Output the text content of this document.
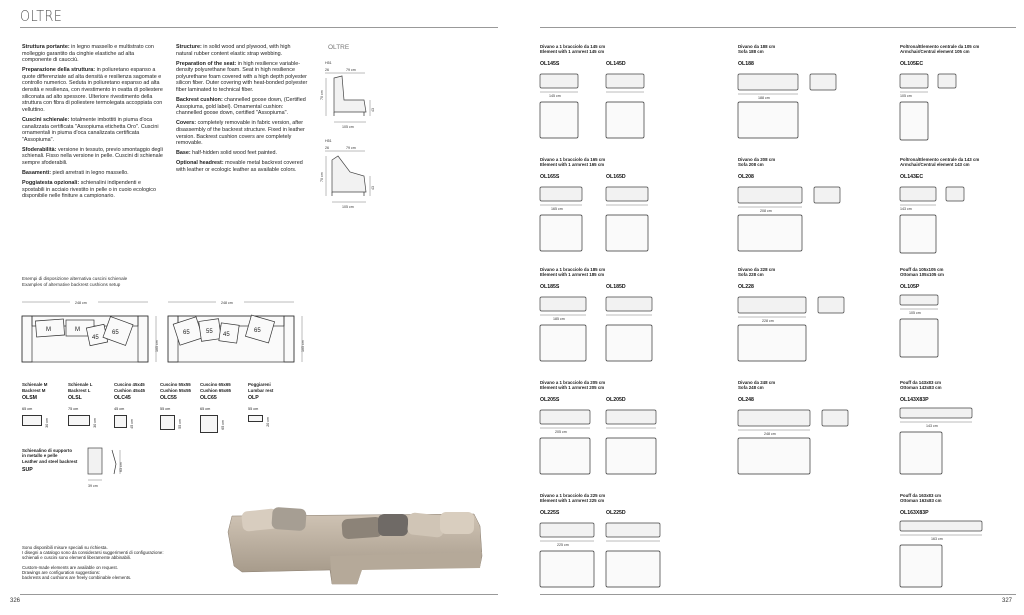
OLTRE

Struttura portante: in legno massello e multistrato con molleggio garantito da cinghie elastiche ad alta componente di caucciù.

Preparazione della struttura: in poliuretano espanso a quote differenziate ad alta densità e resilienza sagomate e controllo numerico. Seduta in poliuretano espanso ad alta densità e resilienza, con rivestimento in ovatta di poliestere siliconata ad alto spessore. Ulteriore rivestimento della struttura con fibra di poliestere termolegata accoppiata con velluttino.

Cuscini schienale: totalmente imbottiti in piuma d'oca canalizzata certificata "Assopiuma etichetta Oro". Cuscini ornamentali in piuma d'oca canalizzata certificata "Assopiuma".

Sfoderabilità: versione in tessuto, previo smontaggio degli schienali. Fisso nella versione in pelle. Cuscini di schienale sempre sfoderabili.

Basamenti: piedi arretrati in legno massello.

Poggiatesta opzionali: schienalini indipendenti e spostabili in acciaio rivestito in pelle o in cuoio ecologico disponibile nelle finiture a campionario.

Structure: in solid wood and plywood, with high natural rubber content elastic strap webbing.

Preparation of the seat: in high resilience variable-density polyurethane foam. Seat in high resilience polyurethane foam covered with a high depth polyester silicon fiber. Outer covering with heat-bonded polyester fiber laminated to technical fiber.

Backrest cushion: channelled goose down, (Certified Assopiuma, gold label). Ornamental cushion: channelled goose down, certified "Assopiuma".

Covers: completely removable in fabric version, after disassembly of the backrest structure. Fixed in leather version. Backrest cushion covers are completely removable.

Base: half-hidden solid wood feet painted.

Optional headrest: movable metal backrest covered with leather or ecologic leather as available colors.

OLTRE
H51
26	79 cm
70 cm
43
105 cm
H51
26	79 cm
70 cm
43
105 cm
Esempi di disposizione alternativa cuscini schienale
Examples of alternative backrest cushions setup
248 cm
M	M
45
65
105 cm
248 cm
65	55 45
65
105 cm
Schienale M
Backrest M
OLSM
65 cm
30 cm
Schienale L
Backrest L
OLSL
75 cm
30 cm
Cuscino 45x45
Cushion 45x45
OLC45
45 cm
45 cm
Cuscino 55x55
Cushion 55x55
OLC55
55 cm
55 cm
Cuscino 65x65
Cushion 65x65
OLC65
65 cm
65 cm
Poggiareni
Lumbar rest
OLP
55 cm
20 cm
Schienalino di supporto
in metallo e pelle
Leather and steel backrest
SUP	63 cm
39 cm
Sono disponibili misure speciali su richiesta.
I disegni a catalogo sono da considerarsi suggerimenti di configurazione:
schienali e cuscini sono elementi liberamente abbinabili.
Custom-made elements are available on request.
Drawings are configuration suggestions:
backrests and cushions are freely combinable elements.
326	327
Divano a 1 bracciolo da 145 cm
Element with 1 armrest 145 cm
OL145S	OL145D
145 cm
Divano da 188 cm
Sofa 188 cm
OL188
188 cm
Poltrona/Elemento centrale da 105 cm
Armchair/Central element 105 cm
OL105EC
105 cm
Divano a 1 bracciolo da 165 cm
Element with 1 armrest 165 cm
OL165S	OL165D
165 cm
Divano da 208 cm
Sofa 208 cm
OL208
208 cm
Poltrona/Elemento centrale da 143 cm
Armchair/Central element 143 cm
OL143EC
143 cm
Divano a 1 bracciolo da 185 cm
Element with 1 armrest 185 cm
OL185S	OL185D
185 cm
Divano da 228 cm
Sofa 228 cm
OL228
228 cm
Pouff da 105x105 cm
Ottoman 105x105 cm
OL105P
105 cm
Divano a 1 bracciolo da 205 cm
Element with 1 armrest 205 cm
OL205S	OL205D
205 cm
Divano da 248 cm
Sofa 248 cm
OL248
248 cm
Pouff da 143x83 cm
Ottoman 143x83 cm
OL143X83P
143 cm
Divano a 1 bracciolo da 225 cm
Element with 1 armrest 225 cm
OL225S	OL225D
225 cm
Pouff da 163x83 cm
Ottoman 163x83 cm
OL163X83P
163 cm
